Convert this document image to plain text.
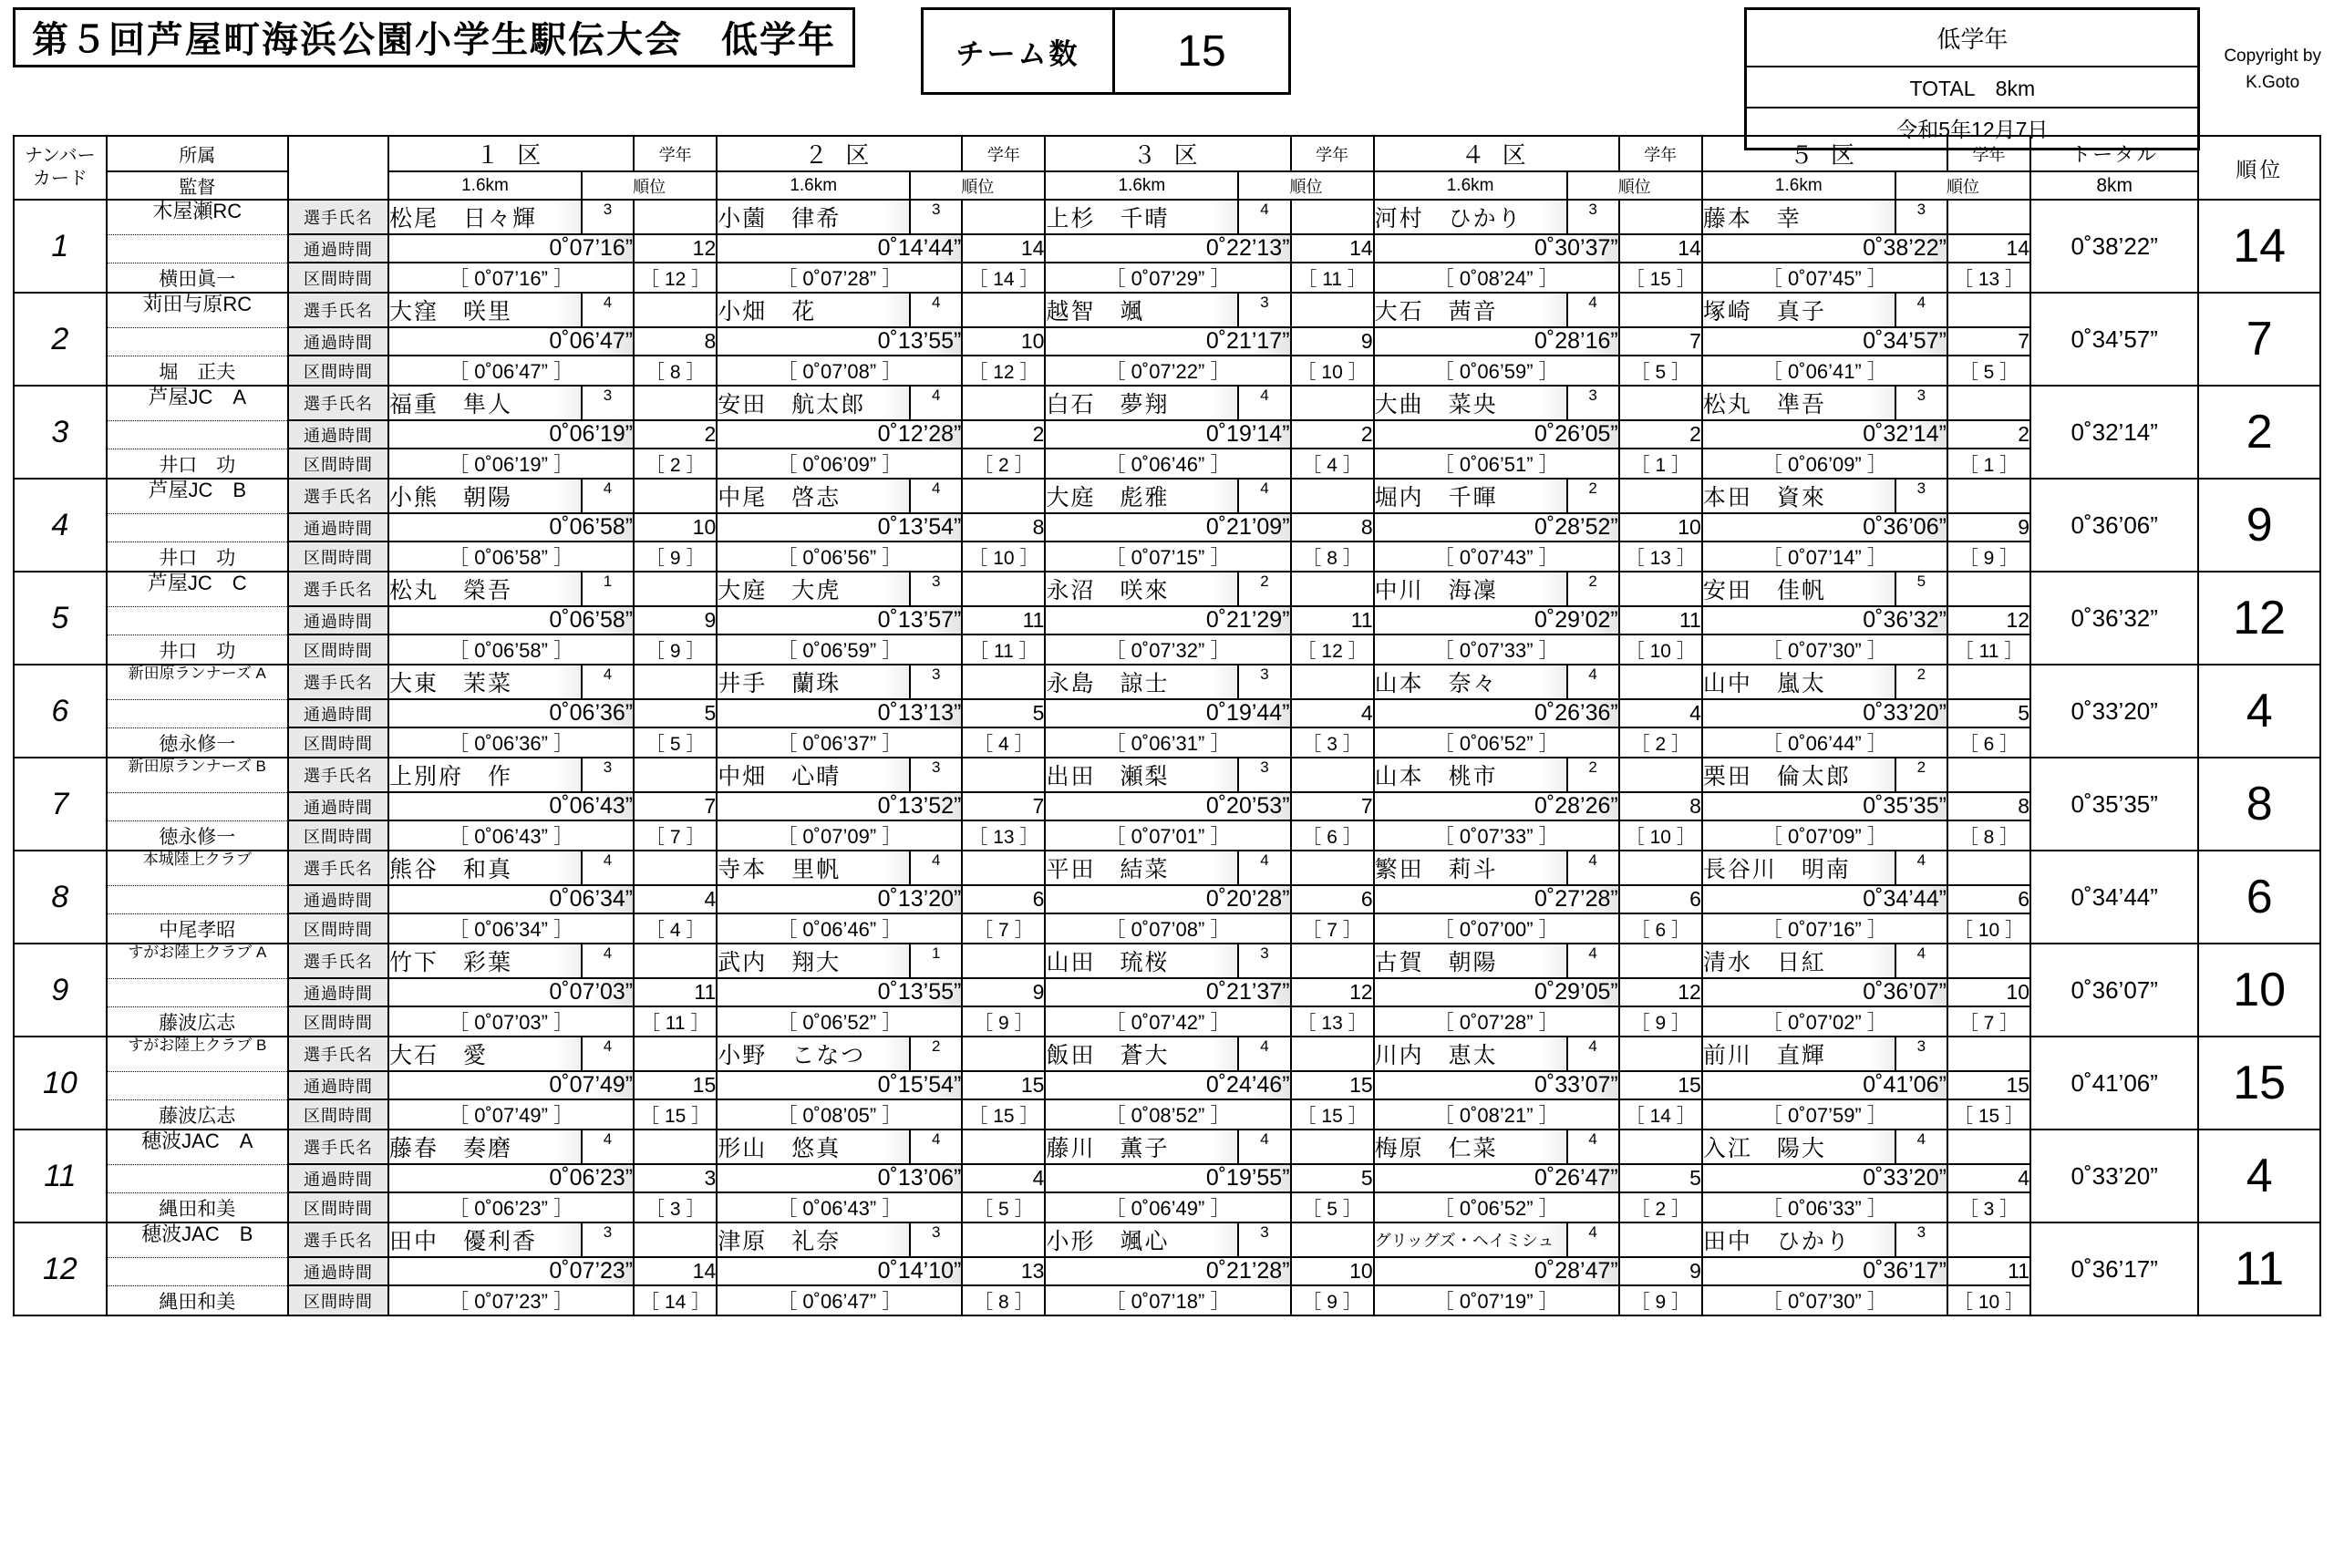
第５回芦屋町海浜公園小学生駅伝大会　低学年	チーム数	15	低学年
TOTAL　8km
令和5年12月7日
Copyright by
K.Goto
ナンバー
カード	所属		１ 区		学年	２ 区		学年	３ 区		学年	４ 区		学年	５ 区		学年	トータル	順位
	監督		1.6km	順位		1.6km	順位		1.6km	順位		1.6km	順位		1.6km	順位		8km	
1	木屋瀬RC	選手氏名	松尾　日々輝	3		小薗　律希	3		上杉　千晴	4		河村　ひかり	3		藤本　幸	3		0˚38’22”	14
		通過時間	0˚07’16”		12	0˚14’44”		14	0˚22’13”		14	0˚30’37”		14	0˚38’22”		14		
	横田眞一	区間時間	［ 0˚07’16” ］		［ 12 ］	［ 0˚07’28” ］		［ 14 ］	［ 0˚07’29” ］		［ 11 ］	［ 0˚08’24” ］		［ 15 ］	［ 0˚07’45” ］		［ 13 ］		
2	苅田与原RC	選手氏名	大窪　咲里	4		小畑　花	4		越智　颯	3		大石　茜音	4		塚崎　真子	4		0˚34’57”	7
		通過時間	0˚06’47”		8	0˚13’55”		10	0˚21’17”		9	0˚28’16”		7	0˚34’57”		7		
	堀　正夫	区間時間	［ 0˚06’47” ］		［ 8 ］	［ 0˚07’08” ］		［ 12 ］	［ 0˚07’22” ］		［ 10 ］	［ 0˚06’59” ］		［ 5 ］	［ 0˚06’41” ］		［ 5 ］		
3	芦屋JC　A	選手氏名	福重　隼人	3		安田　航太郎	4		白石　夢翔	4		大曲　菜央	3		松丸　凖吾	3		0˚32’14”	2
		通過時間	0˚06’19”		2	0˚12’28”		2	0˚19’14”		2	0˚26’05”		2	0˚32’14”		2		
	井口　功	区間時間	［ 0˚06’19” ］		［ 2 ］	［ 0˚06’09” ］		［ 2 ］	［ 0˚06’46” ］		［ 4 ］	［ 0˚06’51” ］		［ 1 ］	［ 0˚06’09” ］		［ 1 ］		
4	芦屋JC　B	選手氏名	小熊　朝陽	4		中尾　啓志	4		大庭　彪雅	4		堀内　千暉	2		本田　資來	3		0˚36’06”	9
		通過時間	0˚06’58”		10	0˚13’54”		8	0˚21’09”		8	0˚28’52”		10	0˚36’06”		9		
	井口　功	区間時間	［ 0˚06’58” ］		［ 9 ］	［ 0˚06’56” ］		［ 10 ］	［ 0˚07’15” ］		［ 8 ］	［ 0˚07’43” ］		［ 13 ］	［ 0˚07’14” ］		［ 9 ］		
5	芦屋JC　C	選手氏名	松丸　榮吾	1		大庭　大虎	3		永沼　咲來	2		中川　海凜	2		安田　佳帆	5		0˚36’32”	12
		通過時間	0˚06’58”		9	0˚13’57”		11	0˚21’29”		11	0˚29’02”		11	0˚36’32”		12		
	井口　功	区間時間	［ 0˚06’58” ］		［ 9 ］	［ 0˚06’59” ］		［ 11 ］	［ 0˚07’32” ］		［ 12 ］	［ 0˚07’33” ］		［ 10 ］	［ 0˚07’30” ］		［ 11 ］		
6	新田原ランナーズ А	選手氏名	大東　茉菜	4		井手　蘭珠	3		永島　諒士	3		山本　奈々	4		山中　嵐太	2		0˚33’20”	4
		通過時間	0˚06’36”		5	0˚13’13”		5	0˚19’44”		4	0˚26’36”		4	0˚33’20”		5		
	徳永修一	区間時間	［ 0˚06’36” ］		［ 5 ］	［ 0˚06’37” ］		［ 4 ］	［ 0˚06’31” ］		［ 3 ］	［ 0˚06’52” ］		［ 2 ］	［ 0˚06’44” ］		［ 6 ］		
7	新田原ランナーズ В	選手氏名	上別府　作	3		中畑　心晴	3		出田　瀬梨	3		山本　桃市	2		栗田　倫太郎	2		0˚35’35”	8
		通過時間	0˚06’43”		7	0˚13’52”		7	0˚20’53”		7	0˚28’26”		8	0˚35’35”		8		
	徳永修一	区間時間	［ 0˚06’43” ］		［ 7 ］	［ 0˚07’09” ］		［ 13 ］	［ 0˚07’01” ］		［ 6 ］	［ 0˚07’33” ］		［ 10 ］	［ 0˚07’09” ］		［ 8 ］		
8	本城陸上クラブ	選手氏名	熊谷　和真	4		寺本　里帆	4		平田　結菜	4		繁田　莉斗	4		長谷川　明南	4		0˚34’44”	6
		通過時間	0˚06’34”		4	0˚13’20”		6	0˚20’28”		6	0˚27’28”		6	0˚34’44”		6		
	中尾孝昭	区間時間	［ 0˚06’34” ］		［ 4 ］	［ 0˚06’46” ］		［ 7 ］	［ 0˚07’08” ］		［ 7 ］	［ 0˚07’00” ］		［ 6 ］	［ 0˚07’16” ］		［ 10 ］		
9	すがお陸上クラブ А	選手氏名	竹下　彩葉	4		武内　翔大	1		山田　琉桜	3		古賀　朝陽	4		清水　日紅	4		0˚36’07”	10
		通過時間	0˚07’03”		11	0˚13’55”		9	0˚21’37”		12	0˚29’05”		12	0˚36’07”		10		
	藤波広志	区間時間	［ 0˚07’03” ］		［ 11 ］	［ 0˚06’52” ］		［ 9 ］	［ 0˚07’42” ］		［ 13 ］	［ 0˚07’28” ］		［ 9 ］	［ 0˚07’02” ］		［ 7 ］		
10	すがお陸上クラブ В	選手氏名	大石　愛	4		小野　こなつ	2		飯田　蒼大	4		川内　恵太	4		前川　直輝	3		0˚41’06”	15
		通過時間	0˚07’49”		15	0˚15’54”		15	0˚24’46”		15	0˚33’07”		15	0˚41’06”		15		
	藤波広志	区間時間	［ 0˚07’49” ］		［ 15 ］	［ 0˚08’05” ］		［ 15 ］	［ 0˚08’52” ］		［ 15 ］	［ 0˚08’21” ］		［ 14 ］	［ 0˚07’59” ］		［ 15 ］		
11	穂波JAC　A	選手氏名	藤春　奏磨	4		形山　悠真	4		藤川　薫子	4		梅原　仁菜	4		入江　陽大	4		0˚33’20”	4
		通過時間	0˚06’23”		3	0˚13’06”		4	0˚19’55”		5	0˚26’47”		5	0˚33’20”		4		
	縄田和美	区間時間	［ 0˚06’23” ］		［ 3 ］	［ 0˚06’43” ］		［ 5 ］	［ 0˚06’49” ］		［ 5 ］	［ 0˚06’52” ］		［ 2 ］	［ 0˚06’33” ］		［ 3 ］		
12	穂波JAC　B	選手氏名	田中　優利香	3		津原　礼奈	3		小形　颯心	3		グリッグズ・ヘイミシュ	4		田中　ひかり	3		0˚36’17”	11
		通過時間	0˚07’23”		14	0˚14’10”		13	0˚21’28”		10	0˚28’47”		9	0˚36’17”		11		
	縄田和美	区間時間	［ 0˚07’23” ］		［ 14 ］	［ 0˚06’47” ］		［ 8 ］	［ 0˚07’18” ］		［ 9 ］	［ 0˚07’19” ］		［ 9 ］	［ 0˚07’30” ］		［ 10 ］		
